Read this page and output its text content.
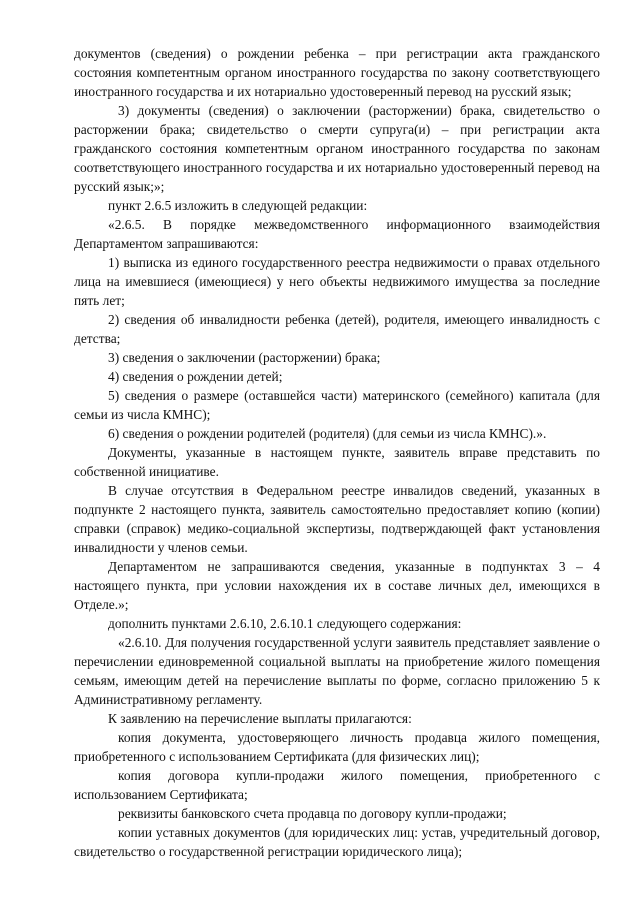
документов (сведения) о рождении ребенка – при регистрации акта гражданского состояния компетентным органом иностранного государства по закону соответствующего иностранного государства и их нотариально удостоверенный перевод на русский язык;

3) документы (сведения) о заключении (расторжении) брака, свидетельство о расторжении брака; свидетельство о смерти супруга(и) – при регистрации акта гражданского состояния компетентным органом иностранного государства по законам соответствующего иностранного государства и их нотариально удостоверенный перевод на русский язык;»;

пункт 2.6.5 изложить в следующей редакции:

«2.6.5. В порядке межведомственного информационного взаимодействия Департаментом запрашиваются:

1) выписка из единого государственного реестра недвижимости о правах отдельного лица на имевшиеся (имеющиеся) у него объекты недвижимого имущества за последние пять лет;

2) сведения об инвалидности ребенка (детей), родителя, имеющего инвалидность с детства;

3) сведения о заключении (расторжении) брака;

4) сведения о рождении детей;

5) сведения о размере (оставшейся части) материнского (семейного) капитала (для семьи из числа КМНС);

6) сведения о рождении родителей (родителя) (для семьи из числа КМНС).».

Документы, указанные в настоящем пункте, заявитель вправе представить по собственной инициативе.

В случае отсутствия в Федеральном реестре инвалидов сведений, указанных в подпункте 2 настоящего пункта, заявитель самостоятельно предоставляет копию (копии) справки (справок) медико-социальной экспертизы, подтверждающей факт установления инвалидности у членов семьи.

Департаментом не запрашиваются сведения, указанные в подпунктах 3 – 4 настоящего пункта, при условии нахождения их в составе личных дел, имеющихся в Отделе.»;

дополнить пунктами 2.6.10, 2.6.10.1 следующего содержания:

«2.6.10. Для получения государственной услуги заявитель представляет заявление о перечислении единовременной социальной выплаты на приобретение жилого помещения семьям, имеющим детей на перечисление выплаты по форме, согласно приложению 5 к Административному регламенту.

К заявлению на перечисление выплаты прилагаются:

копия документа, удостоверяющего личность продавца жилого помещения, приобретенного с использованием Сертификата (для физических лиц);

копия договора купли-продажи жилого помещения, приобретенного с использованием Сертификата;

реквизиты банковского счета продавца по договору купли-продажи;

копии уставных документов (для юридических лиц: устав, учредительный договор, свидетельство о государственной регистрации юридического лица);
